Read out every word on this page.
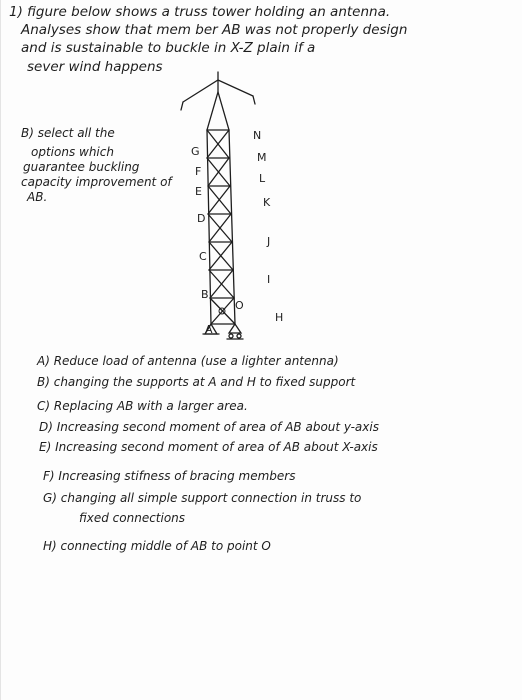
1) figure below shows a truss tower holding an antenna.
Analyses show that mem ber AB was not properly design
and is sustainable to buckle in X-Z plain if a
sever wind happens
B) select all the
options which
guarantee buckling
capacity improvement of
AB.
G
F
E
D
C
B
A
N
M
L
K
J
I
H
O
A) Reduce load of antenna (use a lighter antenna)
B) changing the supports at A and H to fixed support
C) Replacing AB with a larger area.
D) Increasing second moment of area of AB about y-axis
E) Increasing second moment of area of AB about X-axis
F) Increasing stifness of bracing members
G) changing all simple support connection in truss to
fixed connections
H) connecting middle of AB to point O
